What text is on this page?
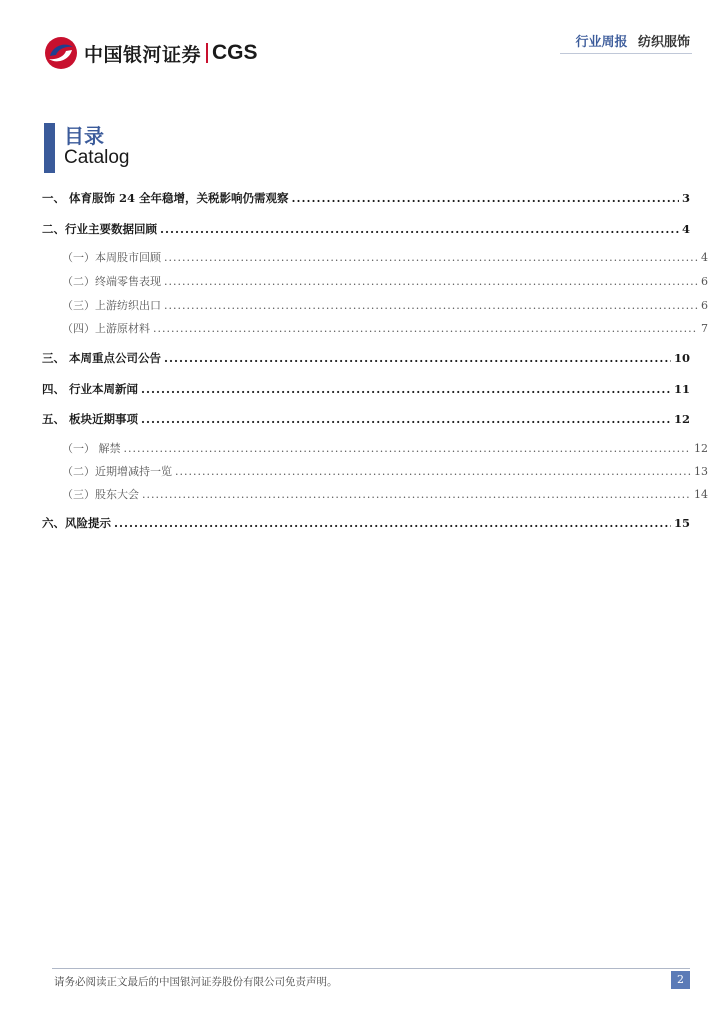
中国银河证券 CGS	行业周报 纺织服饰
目录
Catalog
一、 体育服饰 24 全年稳增，关税影响仍需观察 .....	3
二、行业主要数据回顾 .....	4
（一）本周股市回顾 .....	4
（二）终端零售表现 .....	6
（三）上游纺织出口 .....	6
（四）上游原材料 .....	7
三、 本周重点公司公告 .....	10
四、 行业本周新闻 .....	11
五、 板块近期事项 .....	12
（一） 解禁 .....	12
（二）近期增减持一览 .....	13
（三）股东大会 .....	14
六、风险提示 .....	15
请务必阅读正文最后的中国银河证券股份有限公司免责声明。	2
